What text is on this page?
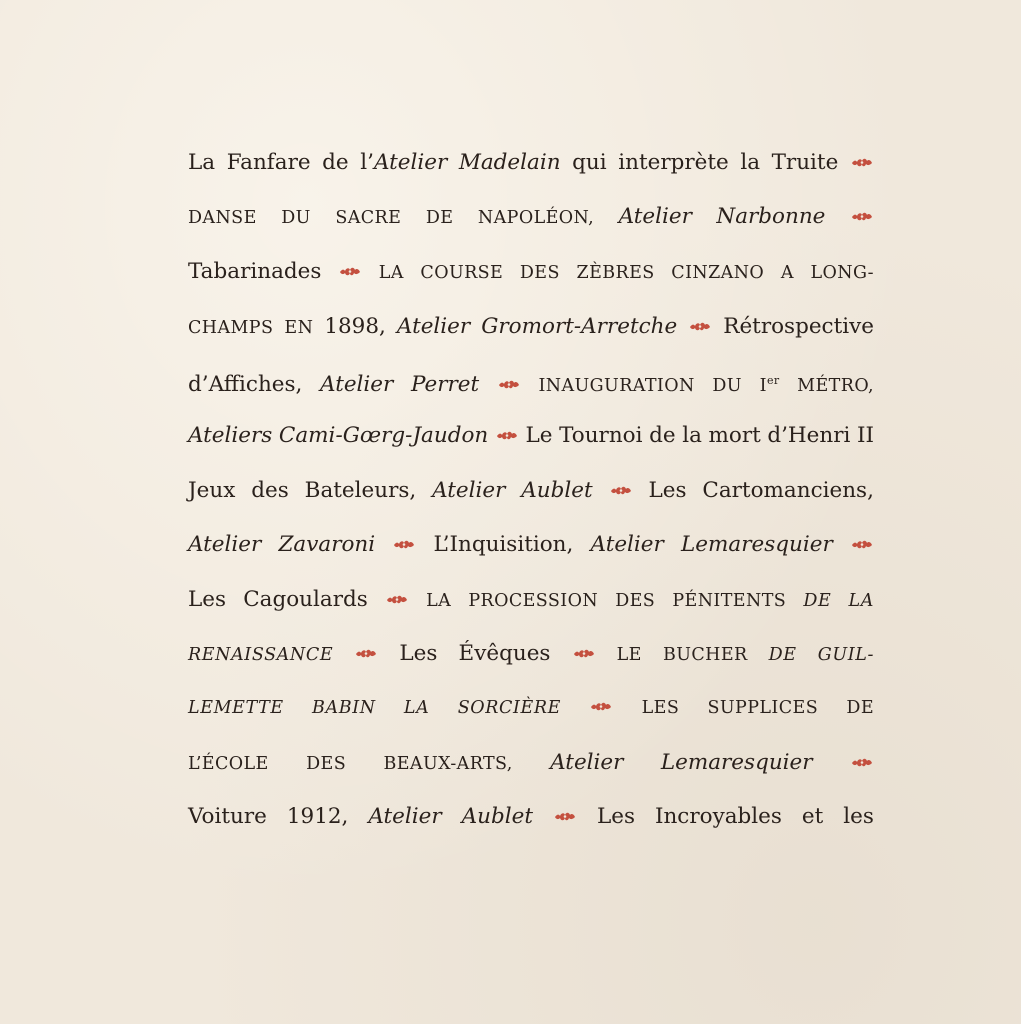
La Fanfare de l’Atelier Madelain qui interprète la Truite
DANSE DU SACRE DE NAPOLÉON, Atelier Narbonne
Tabarinades	LA COURSE DES ZÈBRES CINZANO A LONG-
CHAMPS EN 1898, Atelier Gromort-Arretche Rétrospective
d’Affiches, Atelier Perret	INAUGURATION DU Ier MÉTRO,
Ateliers Cami-Gœrg-Jaudon Le Tournoi de la mort d’Henri II
Jeux des Bateleurs, Atelier Aublet	Les Cartomanciens,
Atelier Zavaroni	L’Inquisition, Atelier Lemaresquier
Les Cagoulards	LA PROCESSION DES PÉNITENTS DE LA
RENAISSANCE	Les Évêques	LE BUCHER DE GUIL-
LEMETTE BABIN LA SORCIÈRE	LES SUPPLICES DE
L’ÉCOLE DES BEAUX-ARTS, Atelier Lemaresquier
Voiture 1912, Atelier Aublet	Les Incroyables et les
